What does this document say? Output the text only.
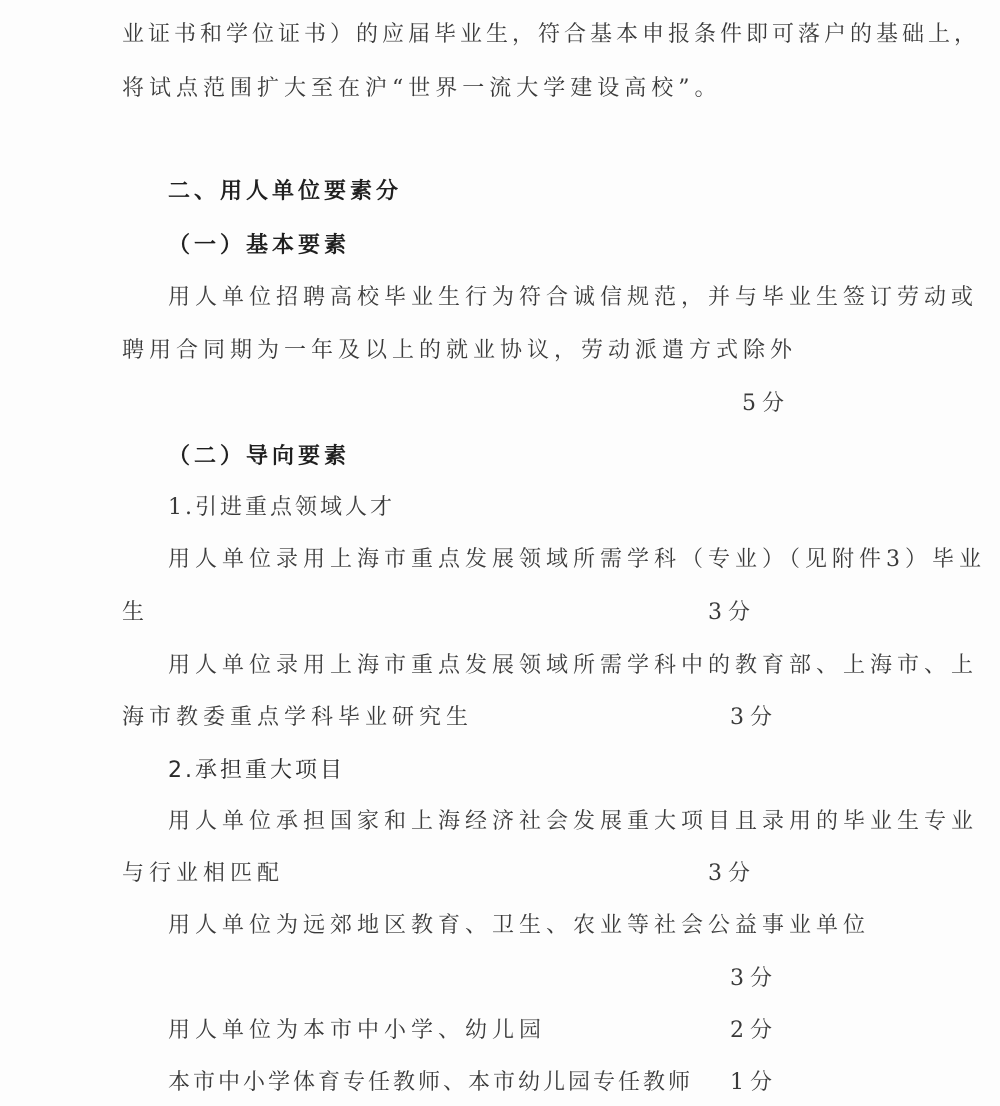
业证书和学位证书）的应届毕业生，符合基本申报条件即可落户的基础上，
将试点范围扩大至在沪“世界一流大学建设高校”。
二、用人单位要素分
（一）基本要素
用人单位招聘高校毕业生行为符合诚信规范，并与毕业生签订劳动或
聘用合同期为一年及以上的就业协议，劳动派遣方式除外
5分
（二）导向要素
1.引进重点领域人才
用人单位录用上海市重点发展领域所需学科（专业）（见附件3）毕业
生	3分
用人单位录用上海市重点发展领域所需学科中的教育部、上海市、上
海市教委重点学科毕业研究生	3分
2.承担重大项目
用人单位承担国家和上海经济社会发展重大项目且录用的毕业生专业
与行业相匹配	3分
用人单位为远郊地区教育、卫生、农业等社会公益事业单位
3分
用人单位为本市中小学、幼儿园	2分
本市中小学体育专任教师、本市幼儿园专任教师 1分
